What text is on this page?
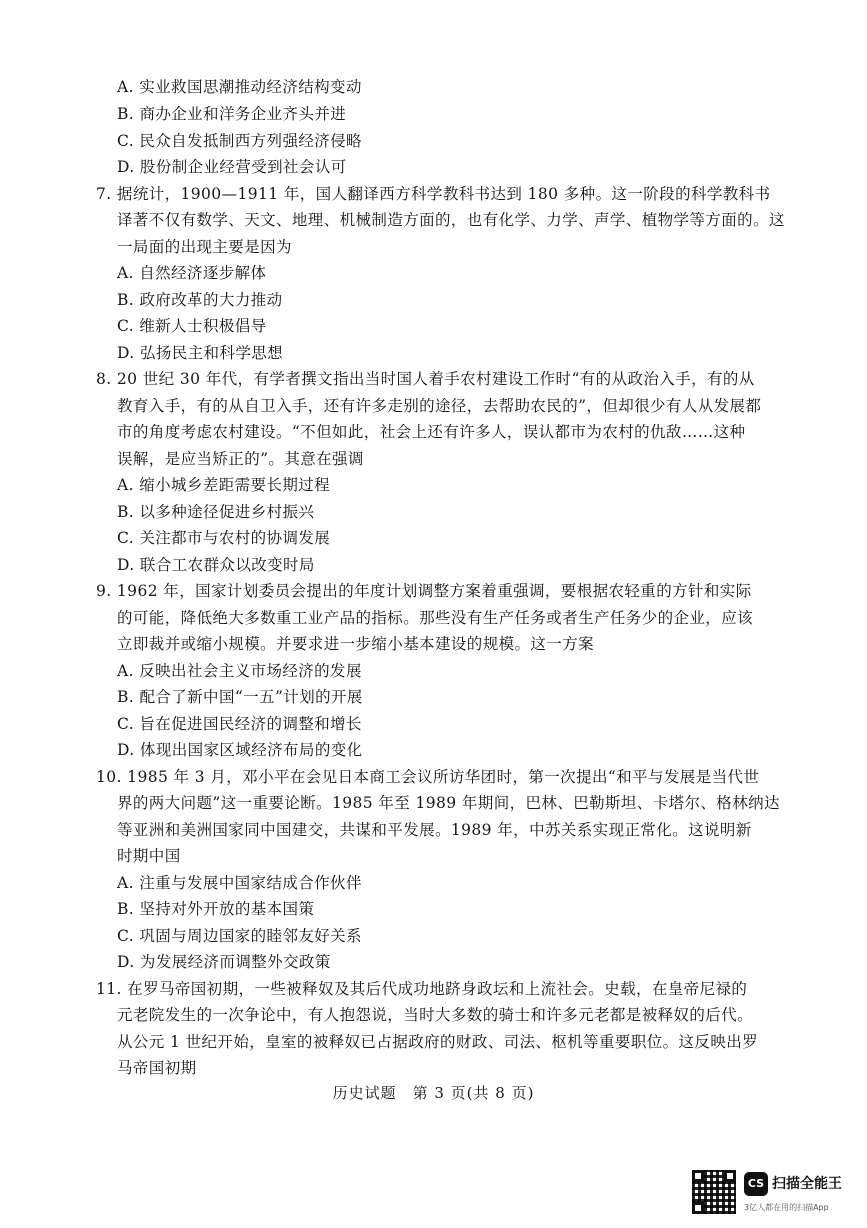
A. 实业救国思潮推动经济结构变动
B. 商办企业和洋务企业齐头并进
C. 民众自发抵制西方列强经济侵略
D. 股份制企业经营受到社会认可
7. 据统计，1900—1911 年，国人翻译西方科学教科书达到 180 多种。这一阶段的科学教科书
译著不仅有数学、天文、地理、机械制造方面的，也有化学、力学、声学、植物学等方面的。这
一局面的出现主要是因为
A. 自然经济逐步解体
B. 政府改革的大力推动
C. 维新人士积极倡导
D. 弘扬民主和科学思想
8. 20 世纪 30 年代，有学者撰文指出当时国人着手农村建设工作时“有的从政治入手，有的从
教育入手，有的从自卫入手，还有许多走别的途径，去帮助农民的”，但却很少有人从发展都
市的角度考虑农村建设。“不但如此，社会上还有许多人，误认都市为农村的仇敌……这种
误解，是应当矫正的”。其意在强调
A. 缩小城乡差距需要长期过程
B. 以多种途径促进乡村振兴
C. 关注都市与农村的协调发展
D. 联合工农群众以改变时局
9. 1962 年，国家计划委员会提出的年度计划调整方案着重强调，要根据农轻重的方针和实际
的可能，降低绝大多数重工业产品的指标。那些没有生产任务或者生产任务少的企业，应该
立即裁并或缩小规模。并要求进一步缩小基本建设的规模。这一方案
A. 反映出社会主义市场经济的发展
B. 配合了新中国“一五”计划的开展
C. 旨在促进国民经济的调整和增长
D. 体现出国家区域经济布局的变化
10. 1985 年 3 月，邓小平在会见日本商工会议所访华团时，第一次提出“和平与发展是当代世
界的两大问题”这一重要论断。1985 年至 1989 年期间，巴林、巴勒斯坦、卡塔尔、格林纳达
等亚洲和美洲国家同中国建交，共谋和平发展。1989 年，中苏关系实现正常化。这说明新
时期中国
A. 注重与发展中国家结成合作伙伴
B. 坚持对外开放的基本国策
C. 巩固与周边国家的睦邻友好关系
D. 为发展经济而调整外交政策
11. 在罗马帝国初期，一些被释奴及其后代成功地跻身政坛和上流社会。史载，在皇帝尼禄的
元老院发生的一次争论中，有人抱怨说，当时大多数的骑士和许多元老都是被释奴的后代。
从公元 1 世纪开始，皇室的被释奴已占据政府的财政、司法、枢机等重要职位。这反映出罗
马帝国初期
历史试题　第 3 页(共 8 页)
CS 扫描全能王
3亿人都在用的扫描App
